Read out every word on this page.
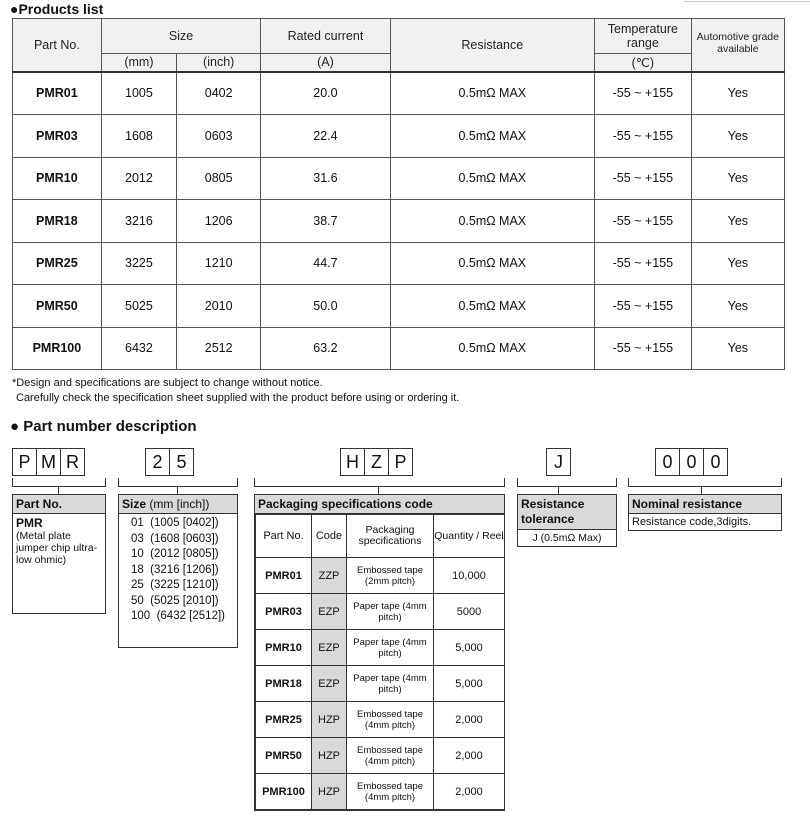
●Products list
Part No.	Size		Rated current	Resistance	Temperature range	Automotive grade available
	(mm)	(inch)	(A)		(℃)	
PMR01	1005	0402	20.0	0.5mΩ MAX	-55 ~ +155	Yes
PMR03	1608	0603	22.4	0.5mΩ MAX	-55 ~ +155	Yes
PMR10	2012	0805	31.6	0.5mΩ MAX	-55 ~ +155	Yes
PMR18	3216	1206	38.7	0.5mΩ MAX	-55 ~ +155	Yes
PMR25	3225	1210	44.7	0.5mΩ MAX	-55 ~ +155	Yes
PMR50	5025	2010	50.0	0.5mΩ MAX	-55 ~ +155	Yes
PMR100	6432	2512	63.2	0.5mΩ MAX	-55 ~ +155	Yes
*Design and specifications are subject to change without notice.
Carefully check the specification sheet supplied with the product before using or ordering it.
● Part number description
P M R	2 5	H Z P	J	0 0 0
Part No.
PMR
(Metal plate jumper chip ultra-low ohmic)
Size (mm [inch])
01  (1005 [0402])
03  (1608 [0603])
10  (2012 [0805])
18  (3216 [1206])
25  (3225 [1210])
50  (5025 [2010])
100  (6432 [2512])
Packaging specifications code
Part No.	Code	Packaging specifications	Quantity / Reel
PMR01	ZZP	Embossed tape (2mm pitch)	10,000
PMR03	EZP	Paper tape (4mm pitch)	5000
PMR10	EZP	Paper tape (4mm pitch)	5,000
PMR18	EZP	Paper tape (4mm pitch)	5,000
PMR25	HZP	Embossed tape (4mm pitch)	2,000
PMR50	HZP	Embossed tape (4mm pitch)	2,000
PMR100	HZP	Embossed tape (4mm pitch)	2,000
Resistance tolerance
J (0.5mΩ Max)
Nominal resistance
Resistance code,3digits.
